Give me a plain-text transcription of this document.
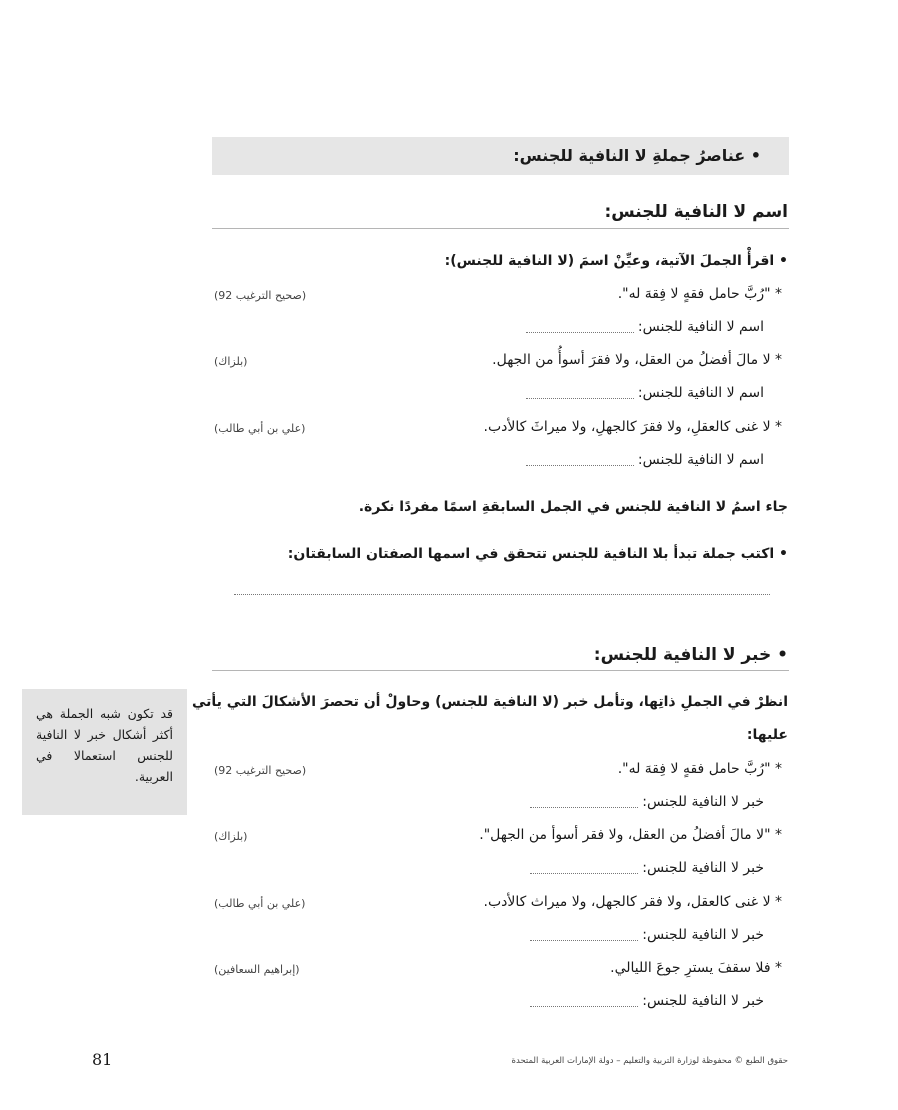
• عناصرُ جملةِ لا النافية للجنس:
اسم لا النافية للجنس:
• اقرأْ الجملَ الآتية، وعيِّنْ اسمَ (لا النافية للجنس):
* "رُبَّ حامل فقهٍ لا فِقهَ له".
(صحيح الترغيب 92)
اسم لا النافية للجنس:
* لا مالَ أفضلُ من العقل، ولا فقرَ أسوأُ من الجهل.
(بلزاك)
اسم لا النافية للجنس:
* لا غنى كالعقلِ، ولا فقرَ كالجهلِ، ولا ميراثَ كالأدب.
(علي بن أبي طالب)
اسم لا النافية للجنس:
جاء اسمُ لا النافية للجنس في الجمل السابقةِ اسمًا مفردًا نكرة.
• اكتب جملة تبدأ بلا النافية للجنس تتحقق في اسمها الصفتان السابقتان:
• خبر لا النافية للجنس:
انظرْ في الجملِ ذاتِها، وتأمل خبر (لا النافية للجنس) وحاولْ أن تحصرَ الأشكالَ التي يأتي
عليها:
* "رُبَّ حامل فقهٍ لا فِقهَ له".
(صحيح الترغيب 92)
خبر لا النافية للجنس:
* "لا مالَ أفضلُ من العقل، ولا فقر أسوأ من الجهل".
(بلزاك)
خبر لا النافية للجنس:
* لا غنى كالعقل، ولا فقر كالجهل، ولا ميراث كالأدب.
(علي بن أبي طالب)
خبر لا النافية للجنس:
* فلا سقفَ يسترِ جوعَ الليالي.
(إبراهيم السعافين)
خبر لا النافية للجنس:
قد تكون شبه الجملة هي أكثر أشكال خبر لا النافية للجنس استعمالا في العربية.
81	حقوق الطبع © محفوظة لوزارة التربية والتعليم – دولة الإمارات العربية المتحدة
